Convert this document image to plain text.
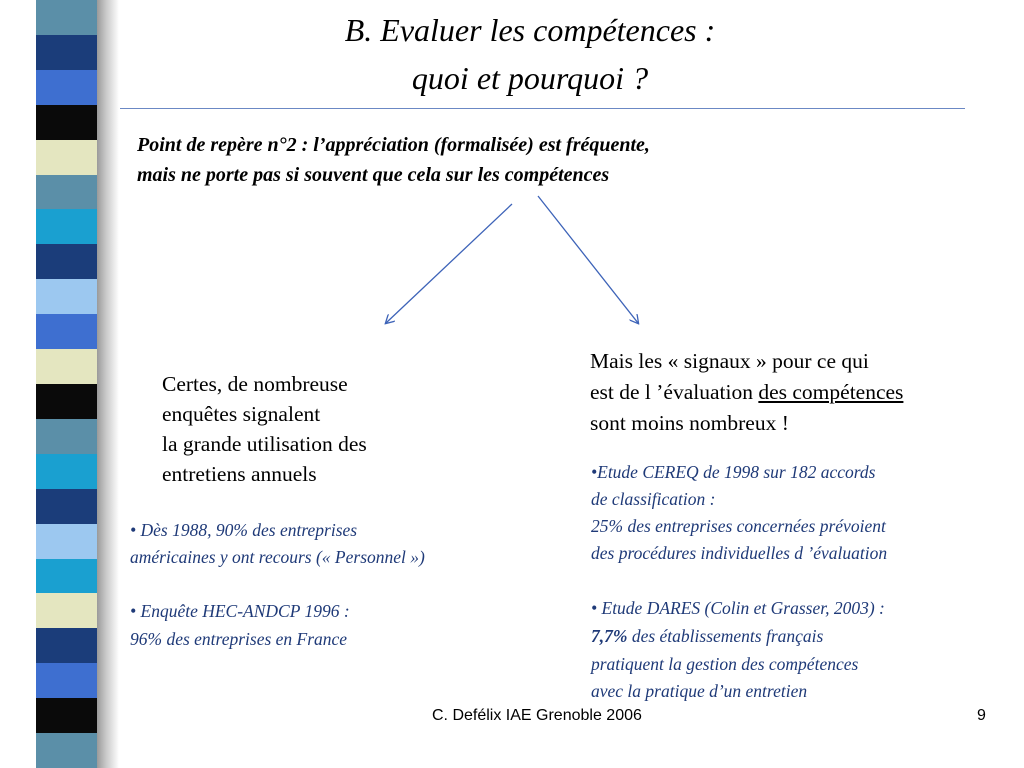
B. Evaluer les compétences :
quoi et pourquoi ?
Point de repère n°2 : l’appréciation (formalisée) est fréquente,
mais ne porte pas si souvent que cela sur les compétences
Certes, de nombreuse
enquêtes signalent
la grande utilisation des
entretiens annuels
• Dès 1988, 90% des entreprises
américaines y ont recours (« Personnel »)
• Enquête HEC-ANDCP 1996 :
96% des entreprises en France
Mais les « signaux » pour ce qui
est de l ’évaluation des compétences
sont moins nombreux !
•Etude CEREQ de 1998 sur 182 accords
de classification :
25% des entreprises concernées prévoient
des procédures individuelles d ’évaluation
• Etude DARES (Colin et Grasser, 2003) :
7,7% des établissements français
pratiquent la gestion des compétences
avec la pratique d’un entretien
C. Defélix IAE Grenoble 2006	9
